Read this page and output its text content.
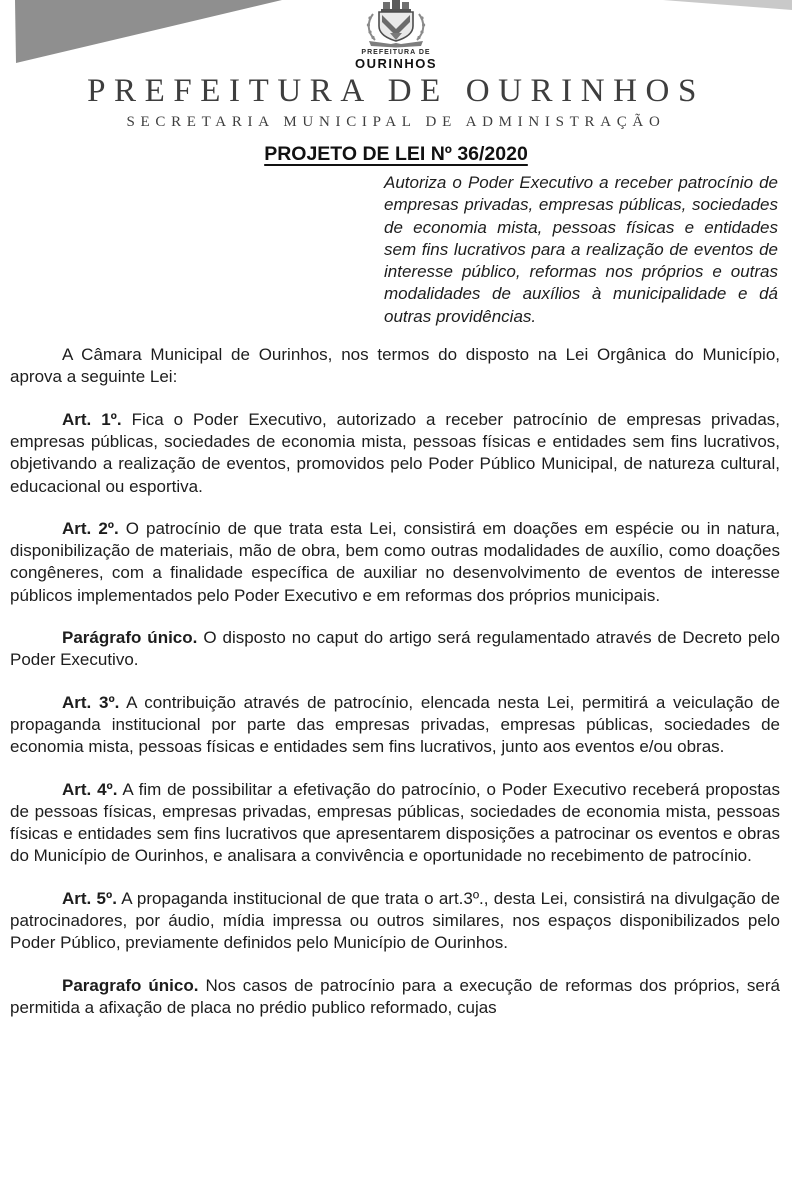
PREFEITURA DE
OURINHOS
PREFEITURA DE OURINHOS
SECRETARIA MUNICIPAL DE ADMINISTRAÇÃO
PROJETO DE LEI Nº 36/2020
Autoriza o Poder Executivo a receber patrocínio de empresas privadas, empresas públicas, sociedades de economia mista, pessoas físicas e entidades sem fins lucrativos para a realização de eventos de interesse público, reformas nos próprios e outras modalidades de auxílios à municipalidade e dá outras providências.

A Câmara Municipal de Ourinhos, nos termos do disposto na Lei Orgânica do Município, aprova a seguinte Lei:

Art. 1º. Fica o Poder Executivo, autorizado a receber patrocínio de empresas privadas, empresas públicas, sociedades de economia mista, pessoas físicas e entidades sem fins lucrativos, objetivando a realização de eventos, promovidos pelo Poder Público Municipal, de natureza cultural, educacional ou esportiva.

Art. 2º. O patrocínio de que trata esta Lei, consistirá em doações em espécie ou in natura, disponibilização de materiais, mão de obra, bem como outras modalidades de auxílio, como doações congêneres, com a finalidade específica de auxiliar no desenvolvimento de eventos de interesse públicos implementados pelo Poder Executivo e em reformas dos próprios municipais.

Parágrafo único. O disposto no caput do artigo será regulamentado através de Decreto pelo Poder Executivo.

Art. 3º. A contribuição através de patrocínio, elencada nesta Lei, permitirá a veiculação de propaganda institucional por parte das empresas privadas, empresas públicas, sociedades de economia mista, pessoas físicas e entidades sem fins lucrativos, junto aos eventos e/ou obras.

Art. 4º. A fim de possibilitar a efetivação do patrocínio, o Poder Executivo receberá propostas de pessoas físicas, empresas privadas, empresas públicas, sociedades de economia mista, pessoas físicas e entidades sem fins lucrativos que apresentarem disposições a patrocinar os eventos e obras do Município de Ourinhos, e analisara a convivência e oportunidade no recebimento de patrocínio.

Art. 5º. A propaganda institucional de que trata o art.3º., desta Lei, consistirá na divulgação de patrocinadores, por áudio, mídia impressa ou outros similares, nos espaços disponibilizados pelo Poder Público, previamente definidos pelo Município de Ourinhos.

Paragrafo único. Nos casos de patrocínio para a execução de reformas dos próprios, será permitida a afixação de placa no prédio publico reformado, cujas
